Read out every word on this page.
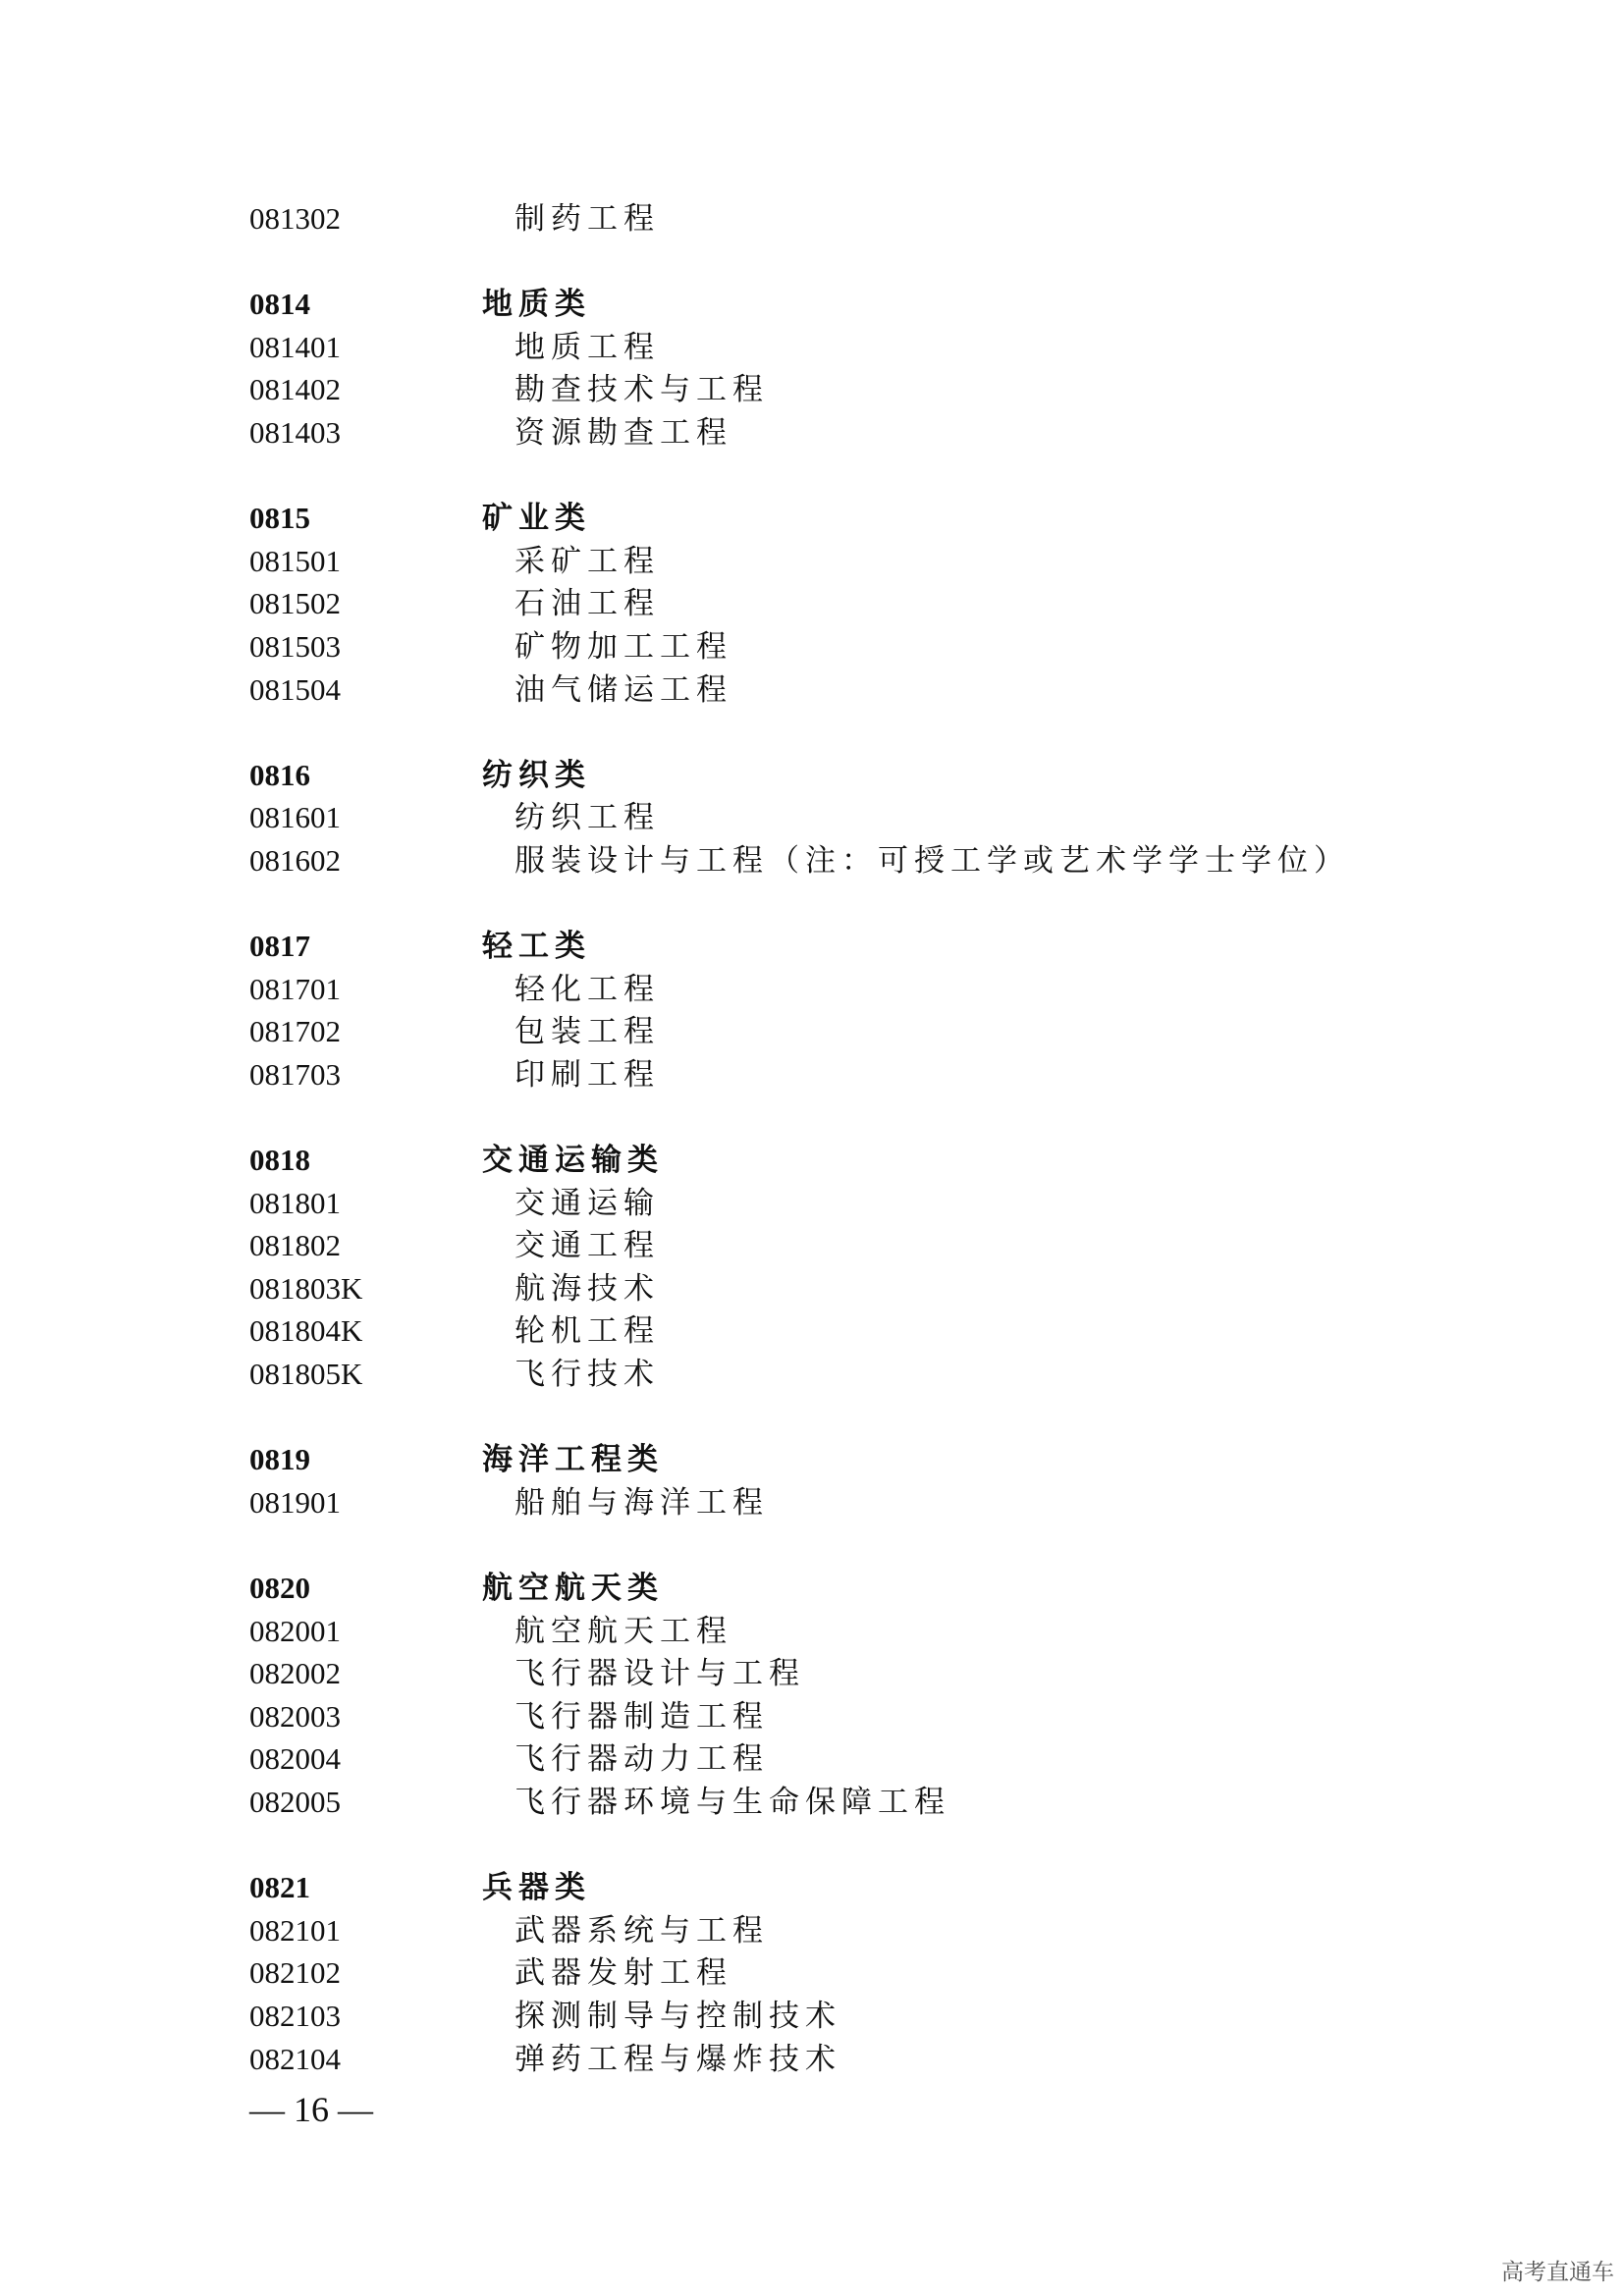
081302	制药工程
0814	地质类
081401	地质工程
081402	勘查技术与工程
081403	资源勘查工程
0815	矿业类
081501	采矿工程
081502	石油工程
081503	矿物加工工程
081504	油气储运工程
0816	纺织类
081601	纺织工程
081602	服装设计与工程（注：可授工学或艺术学学士学位）
0817	轻工类
081701	轻化工程
081702	包装工程
081703	印刷工程
0818	交通运输类
081801	交通运输
081802	交通工程
081803K	航海技术
081804K	轮机工程
081805K	飞行技术
0819	海洋工程类
081901	船舶与海洋工程
0820	航空航天类
082001	航空航天工程
082002	飞行器设计与工程
082003	飞行器制造工程
082004	飞行器动力工程
082005	飞行器环境与生命保障工程
0821	兵器类
082101	武器系统与工程
082102	武器发射工程
082103	探测制导与控制技术
082104	弹药工程与爆炸技术
— 16 —
高考直通车
